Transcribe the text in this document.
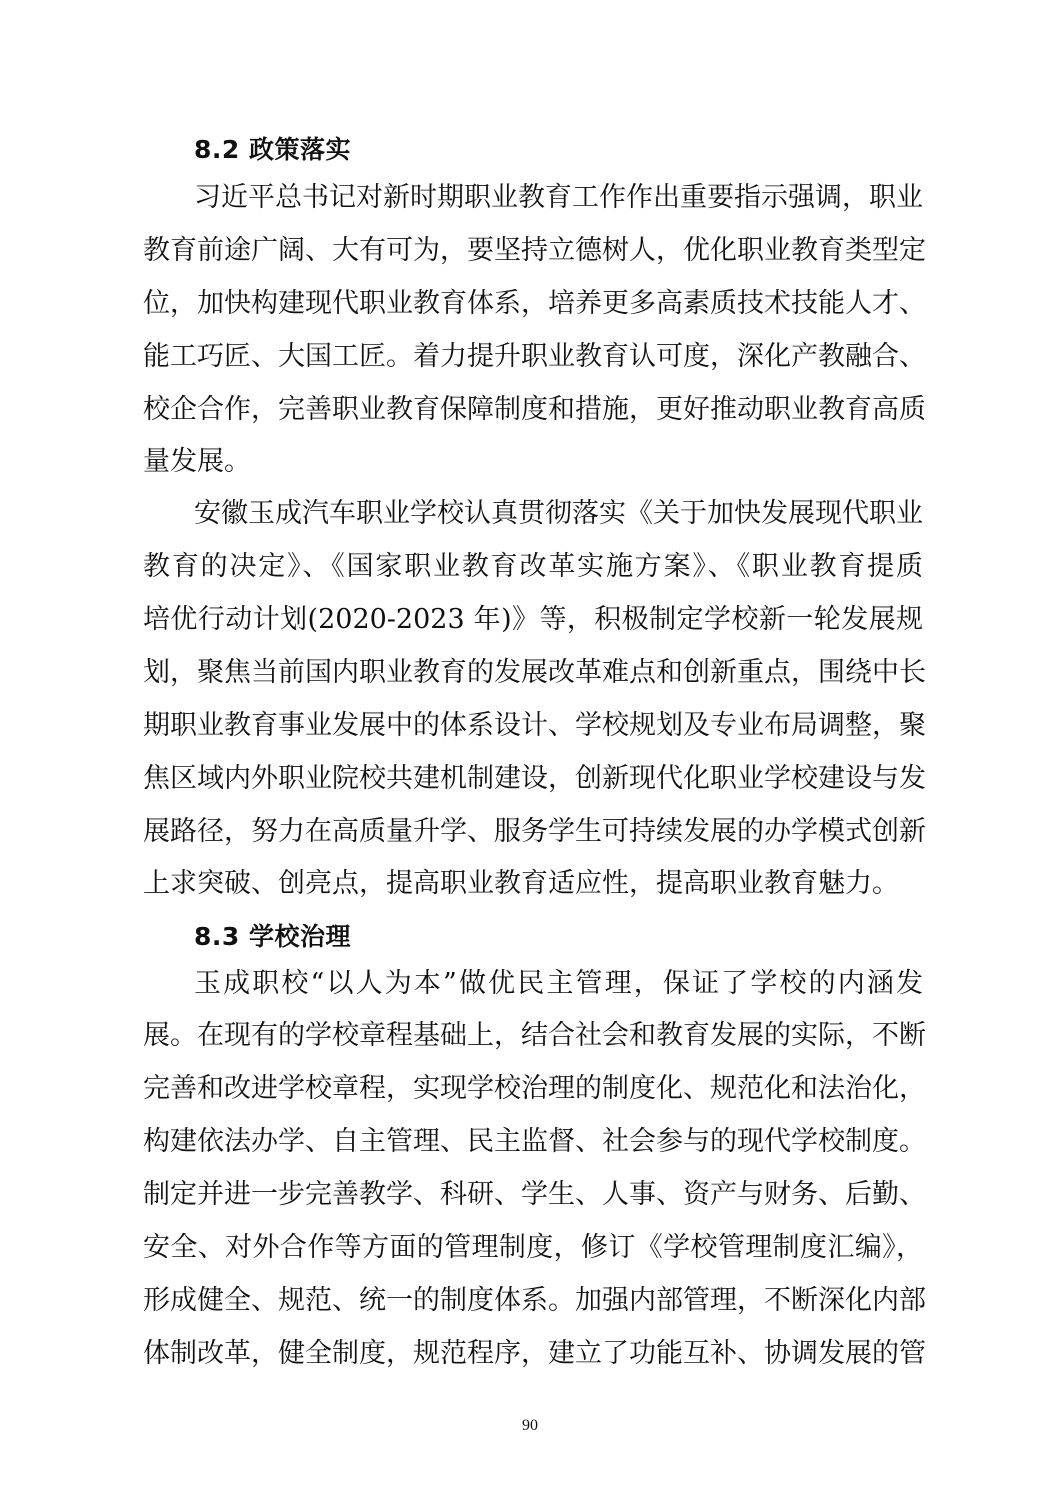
8.2 政策落实
习近平总书记对新时期职业教育工作作出重要指示强调，职业
教育前途广阔、大有可为，要坚持立德树人，优化职业教育类型定
位，加快构建现代职业教育体系，培养更多高素质技术技能人才、
能工巧匠、大国工匠。着力提升职业教育认可度，深化产教融合、
校企合作，完善职业教育保障制度和措施，更好推动职业教育高质
量发展。
安徽玉成汽车职业学校认真贯彻落实《关于加快发展现代职业
教育的决定》、《国家职业教育改革实施方案》、《职业教育提质
培优行动计划(2020-2023 年)》等，积极制定学校新一轮发展规
划，聚焦当前国内职业教育的发展改革难点和创新重点，围绕中长
期职业教育事业发展中的体系设计、学校规划及专业布局调整，聚
焦区域内外职业院校共建机制建设，创新现代化职业学校建设与发
展路径，努力在高质量升学、服务学生可持续发展的办学模式创新
上求突破、创亮点，提高职业教育适应性，提高职业教育魅力。
8.3 学校治理
玉成职校“以人为本”做优民主管理，保证了学校的内涵发
展。在现有的学校章程基础上，结合社会和教育发展的实际，不断
完善和改进学校章程，实现学校治理的制度化、规范化和法治化，
构建依法办学、自主管理、民主监督、社会参与的现代学校制度。
制定并进一步完善教学、科研、学生、人事、资产与财务、后勤、
安全、对外合作等方面的管理制度，修订《学校管理制度汇编》，
形成健全、规范、统一的制度体系。加强内部管理，不断深化内部
体制改革，健全制度，规范程序，建立了功能互补、协调发展的管
90
